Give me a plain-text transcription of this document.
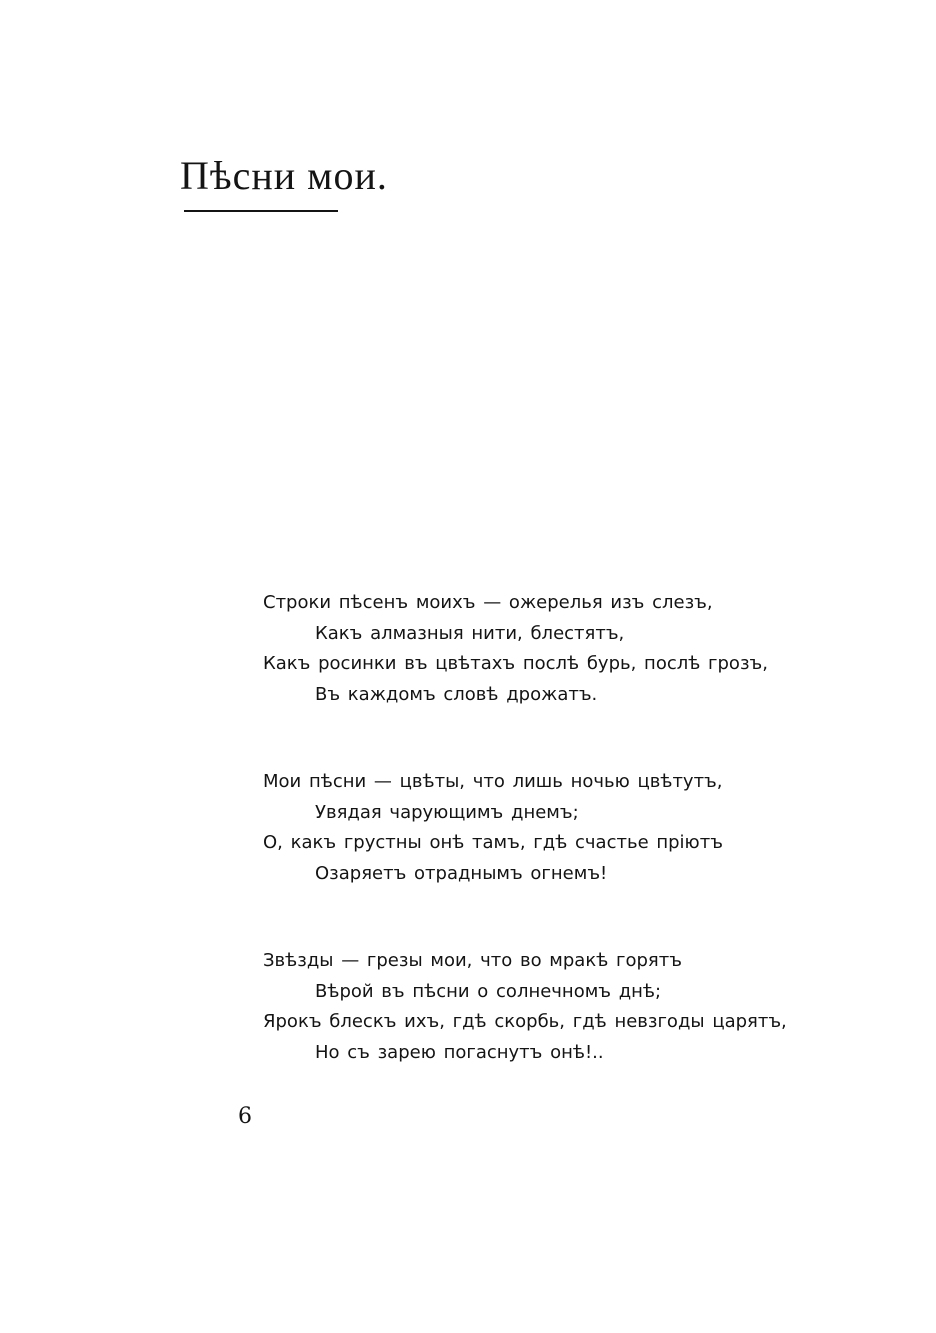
Пѣсни мои.
Строки пѣсенъ моихъ — ожерелья изъ слезъ,
Какъ алмазныя нити, блестятъ,
Какъ росинки въ цвѣтахъ послѣ бурь, послѣ грозъ,
Въ каждомъ словѣ дрожатъ.
Мои пѣсни — цвѣты, что лишь ночью цвѣтутъ,
Увядая чарующимъ днемъ;
О, какъ грустны онѣ тамъ, гдѣ счастье пріютъ
Озаряетъ отраднымъ огнемъ!
Звѣзды — грезы мои, что во мракѣ горятъ
Вѣрой въ пѣсни о солнечномъ днѣ;
Ярокъ блескъ ихъ, гдѣ скорбь, гдѣ невзгоды царятъ,
Но съ зарею погаснутъ онѣ!..
6
